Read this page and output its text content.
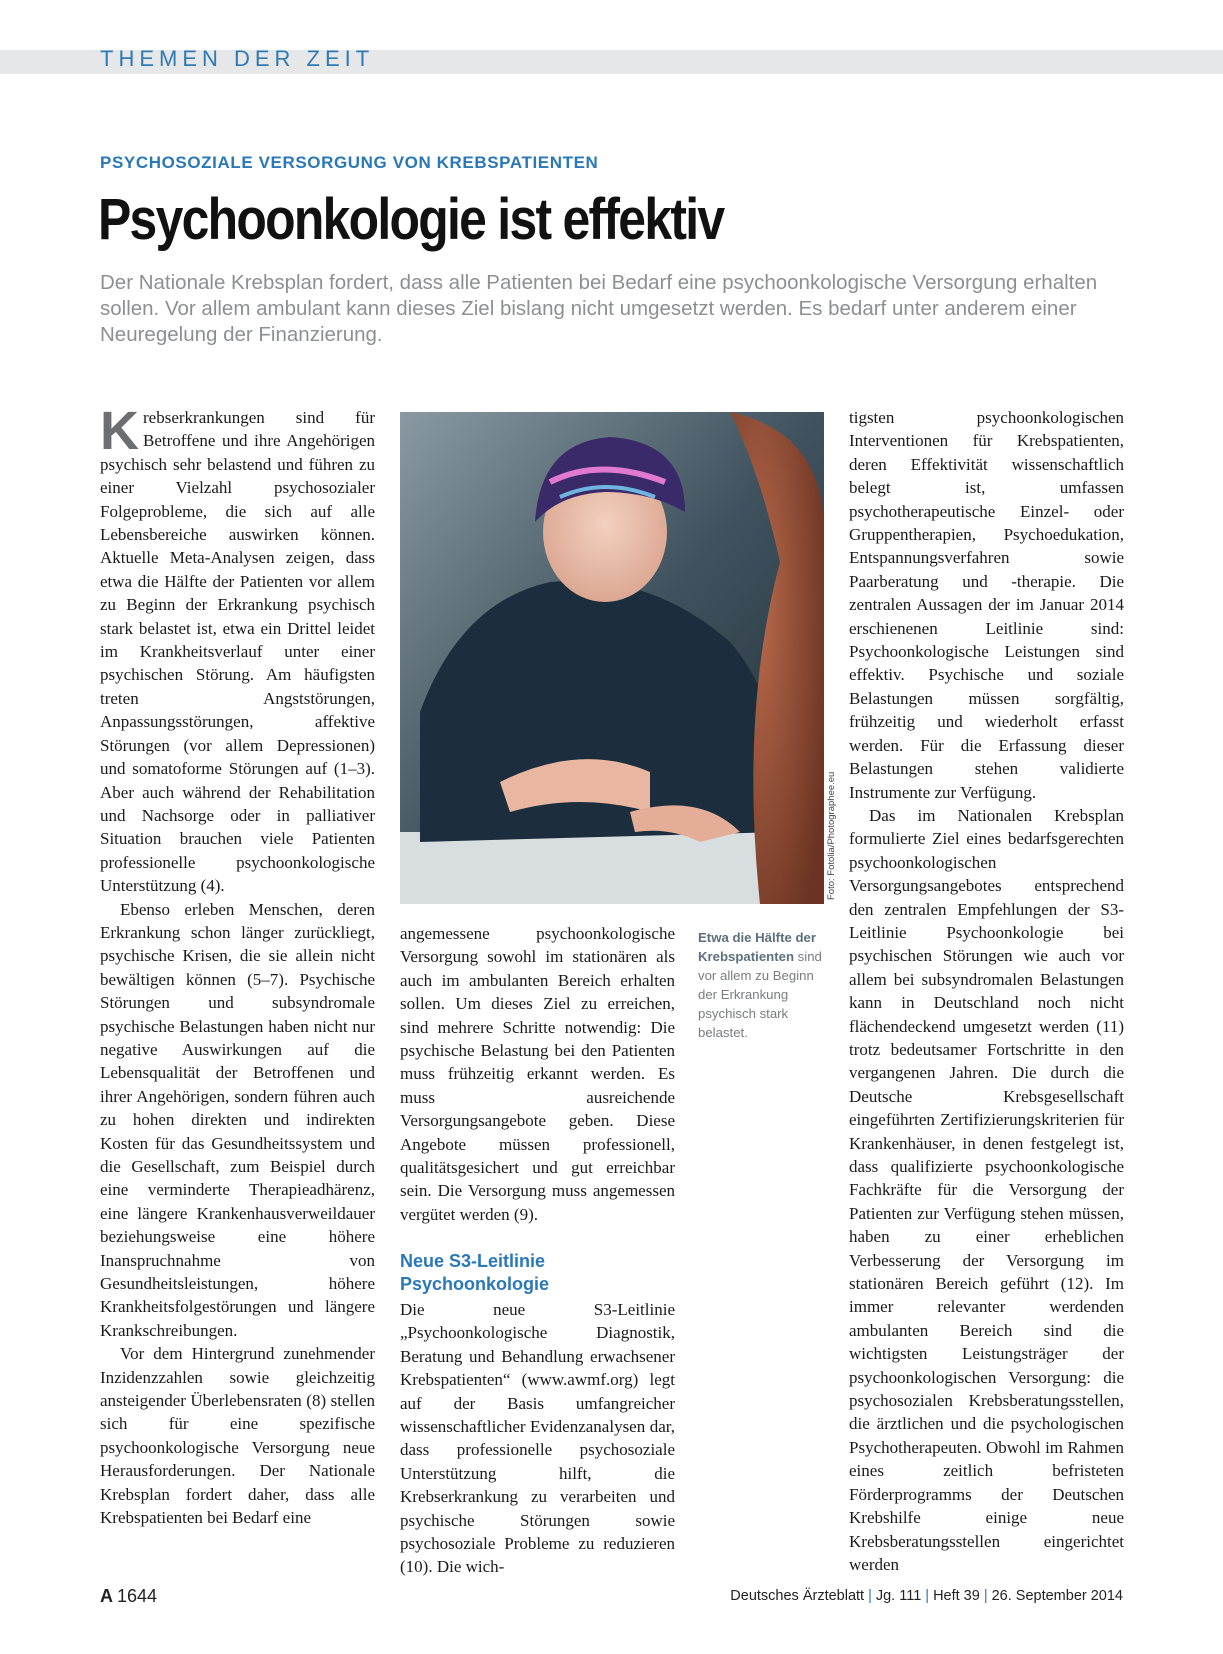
THEMEN DER ZEIT
PSYCHOSOZIALE VERSORGUNG VON KREBSPATIENTEN
Psychoonkologie ist effektiv
Der Nationale Krebsplan fordert, dass alle Patienten bei Bedarf eine psychoonkologische Versorgung erhalten sollen. Vor allem ambulant kann dieses Ziel bislang nicht umgesetzt werden. Es bedarf unter anderem einer Neuregelung der Finanzierung.

Krebserkrankungen sind für Betroffene und ihre Angehörigen psychisch sehr belastend und führen zu einer Vielzahl psychosozialer Folgeprobleme, die sich auf alle Lebensbereiche auswirken können. Aktuelle Meta-Analysen zeigen, dass etwa die Hälfte der Patienten vor allem zu Beginn der Erkrankung psychisch stark belastet ist, etwa ein Drittel leidet im Krankheitsverlauf unter einer psychischen Störung. Am häufigsten treten Angststörungen, Anpassungsstörungen, affektive Störungen (vor allem Depressionen) und somatoforme Störungen auf (1–3). Aber auch während der Rehabilitation und Nachsorge oder in palliativer Situation brauchen viele Patienten professionelle psychoonkologische Unterstützung (4).

Ebenso erleben Menschen, deren Erkrankung schon länger zurückliegt, psychische Krisen, die sie allein nicht bewältigen können (5–7). Psychische Störungen und subsyndromale psychische Belastungen haben nicht nur negative Auswirkungen auf die Lebensqualität der Betroffenen und ihrer Angehörigen, sondern führen auch zu hohen direkten und indirekten Kosten für das Gesundheitssystem und die Gesellschaft, zum Beispiel durch eine verminderte Therapieadhärenz, eine längere Krankenhausverweildauer beziehungsweise eine höhere Inanspruchnahme von Gesundheitsleistungen, höhere Krankheitsfolgestörungen und längere Krankschreibungen.

Vor dem Hintergrund zunehmender Inzidenzzahlen sowie gleichzeitig ansteigender Überlebensraten (8) stellen sich für eine spezifische psychoonkologische Versorgung neue Herausforderungen. Der Nationale Krebsplan fordert daher, dass alle Krebspatienten bei Bedarf eine

Foto: Fotolia/Photographee.eu
Etwa die Hälfte der Krebspatienten sind vor allem zu Beginn der Erkrankung psychisch stark belastet.

angemessene psychoonkologische Versorgung sowohl im stationären als auch im ambulanten Bereich erhalten sollen. Um dieses Ziel zu erreichen, sind mehrere Schritte notwendig: Die psychische Belastung bei den Patienten muss frühzeitig erkannt werden. Es muss ausreichende Versorgungsangebote geben. Diese Angebote müssen professionell, qualitätsgesichert und gut erreichbar sein. Die Versorgung muss angemessen vergütet werden (9).

Neue S3-Leitlinie Psychoonkologie

Die neue S3-Leitlinie „Psychoonkologische Diagnostik, Beratung und Behandlung erwachsener Krebspatienten“ (www.awmf.org) legt auf der Basis umfangreicher wissenschaftlicher Evidenzanalysen dar, dass professionelle psychosoziale Unterstützung hilft, die Krebserkrankung zu verarbeiten und psychische Störungen sowie psychosoziale Probleme zu reduzieren (10). Die wich-

tigsten psychoonkologischen Interventionen für Krebspatienten, deren Effektivität wissenschaftlich belegt ist, umfassen psychotherapeutische Einzel- oder Gruppentherapien, Psychoedukation, Entspannungsverfahren sowie Paarberatung und -therapie. Die zentralen Aussagen der im Januar 2014 erschienenen Leitlinie sind: Psychoonkologische Leistungen sind effektiv. Psychische und soziale Belastungen müssen sorgfältig, frühzeitig und wiederholt erfasst werden. Für die Erfassung dieser Belastungen stehen validierte Instrumente zur Verfügung.

Das im Nationalen Krebsplan formulierte Ziel eines bedarfsgerechten psychoonkologischen Versorgungsangebotes entsprechend den zentralen Empfehlungen der S3-Leitlinie Psychoonkologie bei psychischen Störungen wie auch vor allem bei subsyndromalen Belastungen kann in Deutschland noch nicht flächendeckend umgesetzt werden (11) trotz bedeutsamer Fortschritte in den vergangenen Jahren. Die durch die Deutsche Krebsgesellschaft eingeführten Zertifizierungskriterien für Krankenhäuser, in denen festgelegt ist, dass qualifizierte psychoonkologische Fachkräfte für die Versorgung der Patienten zur Verfügung stehen müssen, haben zu einer erheblichen Verbesserung der Versorgung im stationären Bereich geführt (12). Im immer relevanter werdenden ambulanten Bereich sind die wichtigsten Leistungsträger der psychoonkologischen Versorgung: die psychosozialen Krebsberatungsstellen, die ärztlichen und die psychologischen Psychotherapeuten. Obwohl im Rahmen eines zeitlich befristeten Förderprogramms der Deutschen Krebshilfe einige neue Krebsberatungsstellen eingerichtet werden

A 1644	Deutsches Ärzteblatt | Jg. 111 | Heft 39 | 26. September 2014
